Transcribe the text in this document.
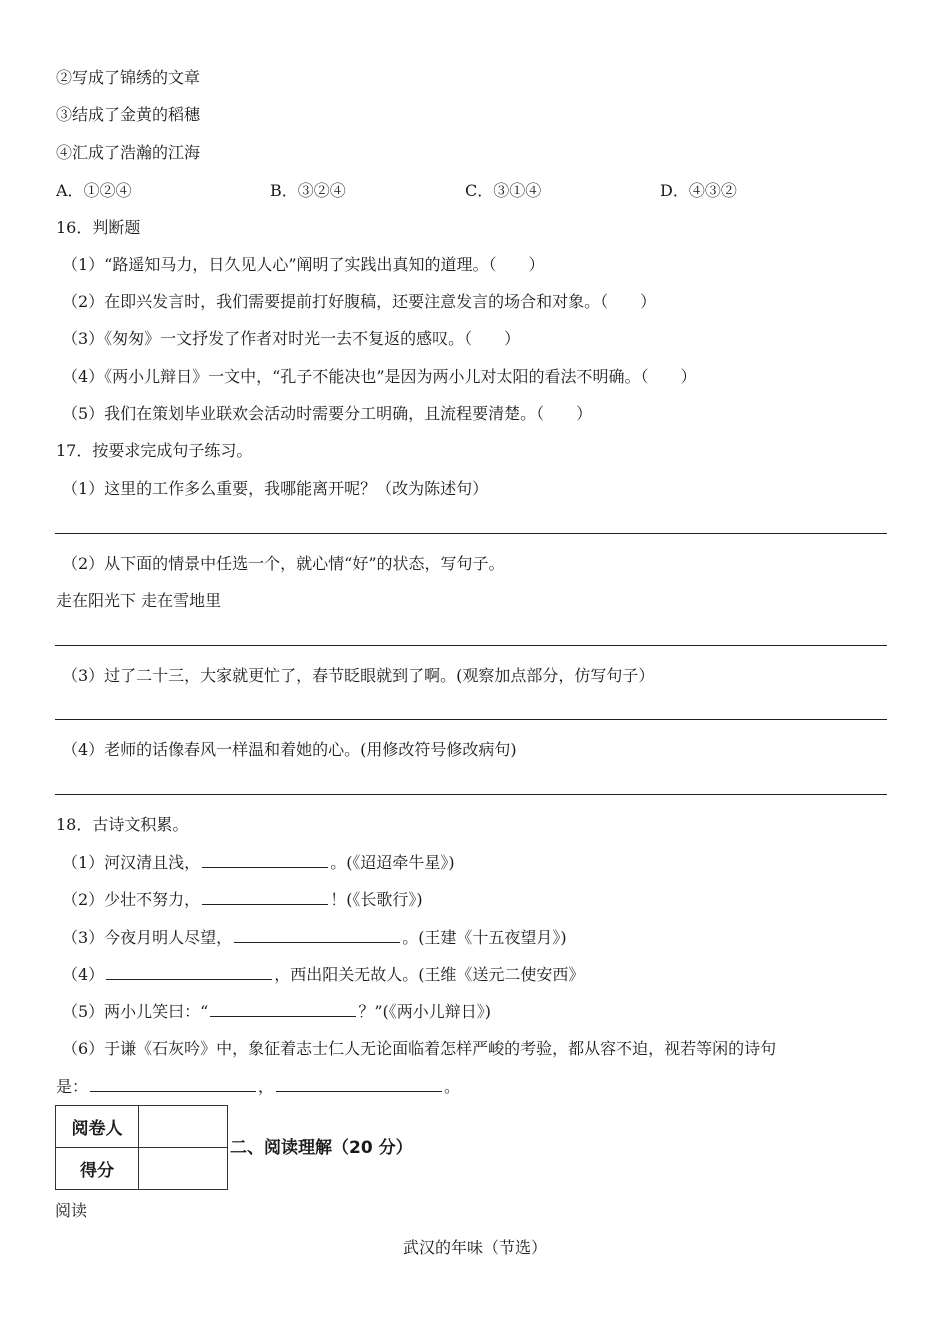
②写成了锦绣的文章
③结成了金黄的稻穗
④汇成了浩瀚的江海
A．①②④	B．③②④	C．③①④	D．④③②
16．判断题
（1）“路遥知马力，日久见人心”阐明了实践出真知的道理。（　　）
（2）在即兴发言时，我们需要提前打好腹稿，还要注意发言的场合和对象。（　　）
（3）《匆匆》一文抒发了作者对时光一去不复返的感叹。（　　）
（4）《两小儿辩日》一文中，“孔子不能决也”是因为两小儿对太阳的看法不明确。（　　）
（5）我们在策划毕业联欢会活动时需要分工明确，且流程要清楚。（　　）
17．按要求完成句子练习。
（1）这里的工作多么重要，我哪能离开呢？（改为陈述句）
（2）从下面的情景中任选一个，就心情“好”的状态，写句子。
走在阳光下 走在雪地里
（3）过了二十三，大家就更忙了，春节眨眼就到了啊。(观察加点部分，仿写句子）
（4）老师的话像春风一样温和着她的心。(用修改符号修改病句)
18．古诗文积累。
（1）河汉清且浅，	。(《迢迢牵牛星》)
（2）少壮不努力，	！(《长歌行》)
（3）今夜月明人尽望，	。(王建《十五夜望月》)
（4）	，西出阳关无故人。(王维《送元二使安西》
（5）两小儿笑曰：“	？”(《两小儿辩日》)
（6）于谦《石灰吟》中，象征着志士仁人无论面临着怎样严峻的考验，都从容不迫，视若等闲的诗句
是：	，	。
阅卷人	
得分	
二、阅读理解（20 分）
阅读
武汉的年味（节选）
